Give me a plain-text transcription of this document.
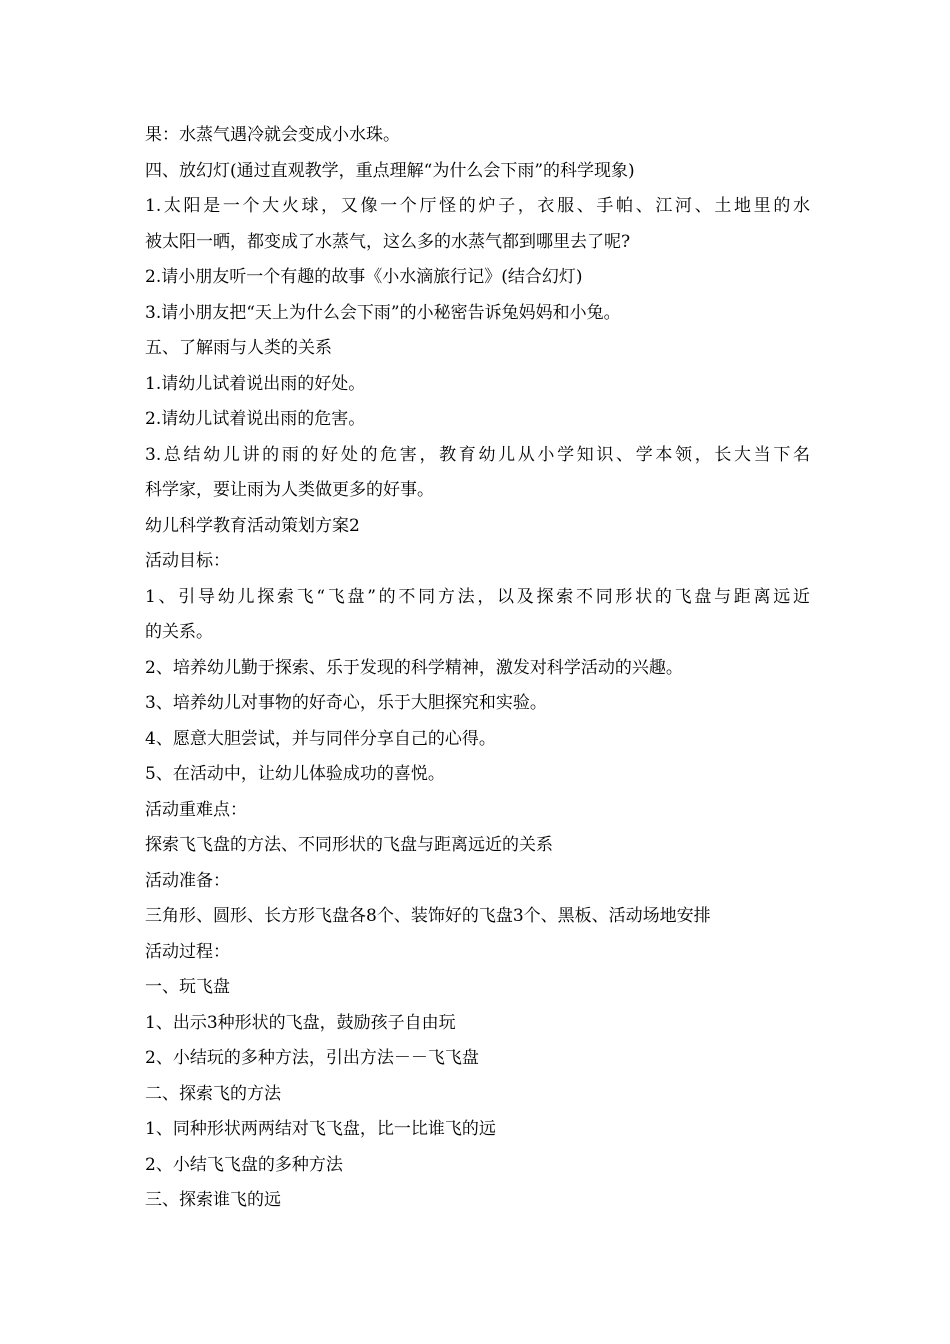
果：水蒸气遇冷就会变成小水珠。
四、放幻灯(通过直观教学，重点理解“为什么会下雨”的科学现象)
1.太阳是一个大火球，又像一个厅怪的炉子，衣服、手帕、江河、土地里的水
被太阳一晒，都变成了水蒸气，这么多的水蒸气都到哪里去了呢?
2.请小朋友听一个有趣的故事《小水滴旅行记》(结合幻灯)
3.请小朋友把“天上为什么会下雨”的小秘密告诉兔妈妈和小兔。
五、了解雨与人类的关系
1.请幼儿试着说出雨的好处。
2.请幼儿试着说出雨的危害。
3.总结幼儿讲的雨的好处的危害，教育幼儿从小学知识、学本领，长大当下名
科学家，要让雨为人类做更多的好事。
幼儿科学教育活动策划方案2
活动目标：
1、引导幼儿探索飞“飞盘”的不同方法，以及探索不同形状的飞盘与距离远近
的关系。
2、培养幼儿勤于探索、乐于发现的科学精神，激发对科学活动的兴趣。
3、培养幼儿对事物的好奇心，乐于大胆探究和实验。
4、愿意大胆尝试，并与同伴分享自己的心得。
5、在活动中，让幼儿体验成功的喜悦。
活动重难点：
探索飞飞盘的方法、不同形状的飞盘与距离远近的关系
活动准备：
三角形、圆形、长方形飞盘各8个、装饰好的飞盘3个、黑板、活动场地安排
活动过程：
一、玩飞盘
1、出示3种形状的飞盘，鼓励孩子自由玩
2、小结玩的多种方法，引出方法－－飞飞盘
二、探索飞的方法
1、同种形状两两结对飞飞盘，比一比谁飞的远
2、小结飞飞盘的多种方法
三、探索谁飞的远
